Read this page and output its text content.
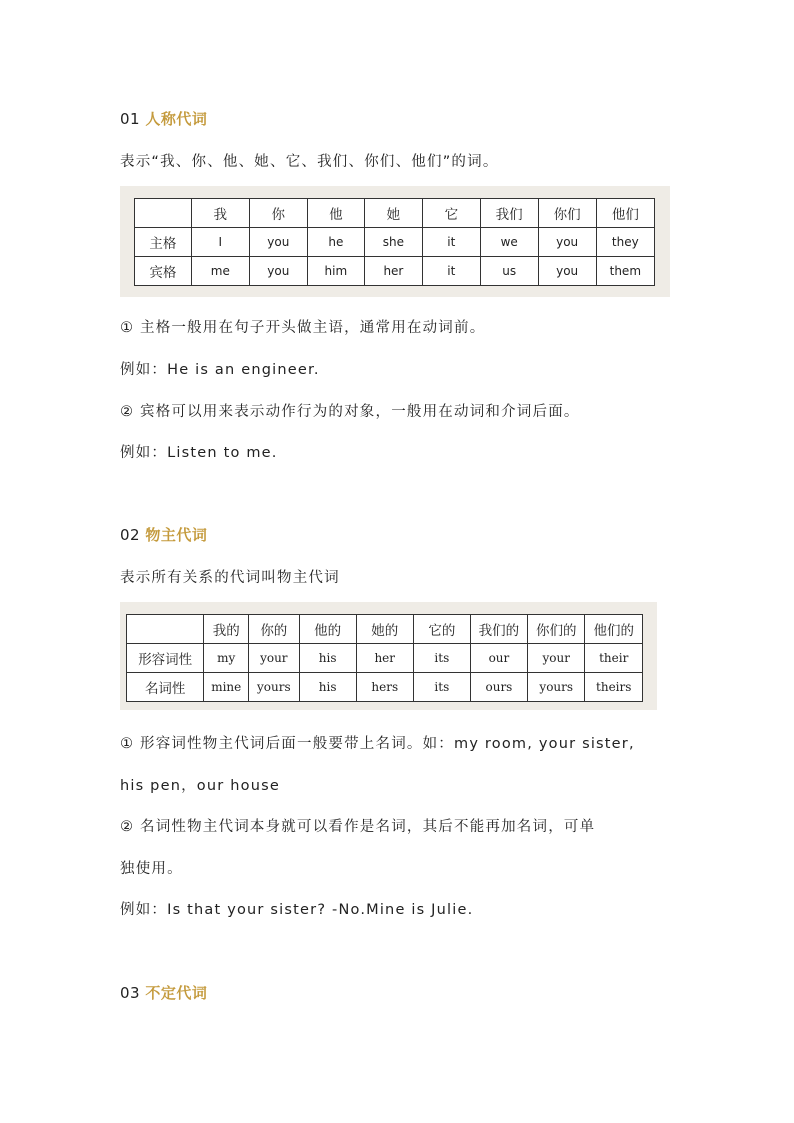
01 人称代词
表示“我、你、他、她、它、我们、你们、他们”的词。
	我	你	他	她	它	我们	你们	他们
主格	I	you	he	she	it	we	you	they
宾格	me	you	him	her	it	us	you	them
① 主格一般用在句子开头做主语，通常用在动词前。
例如：He is an engineer.
② 宾格可以用来表示动作行为的对象，一般用在动词和介词后面。
例如：Listen to me.
02 物主代词
表示所有关系的代词叫物主代词
	我的	你的	他的	她的	它的	我们的	你们的	他们的
形容词性	my	your	his	her	its	our	your	their
名词性	mine	yours	his	hers	its	ours	yours	theirs
① 形容词性物主代词后面一般要带上名词。如：my room, your sister,
his pen，our house
② 名词性物主代词本身就可以看作是名词，其后不能再加名词，可单
独使用。
例如：Is that your sister? -No.Mine is Julie.
03 不定代词
